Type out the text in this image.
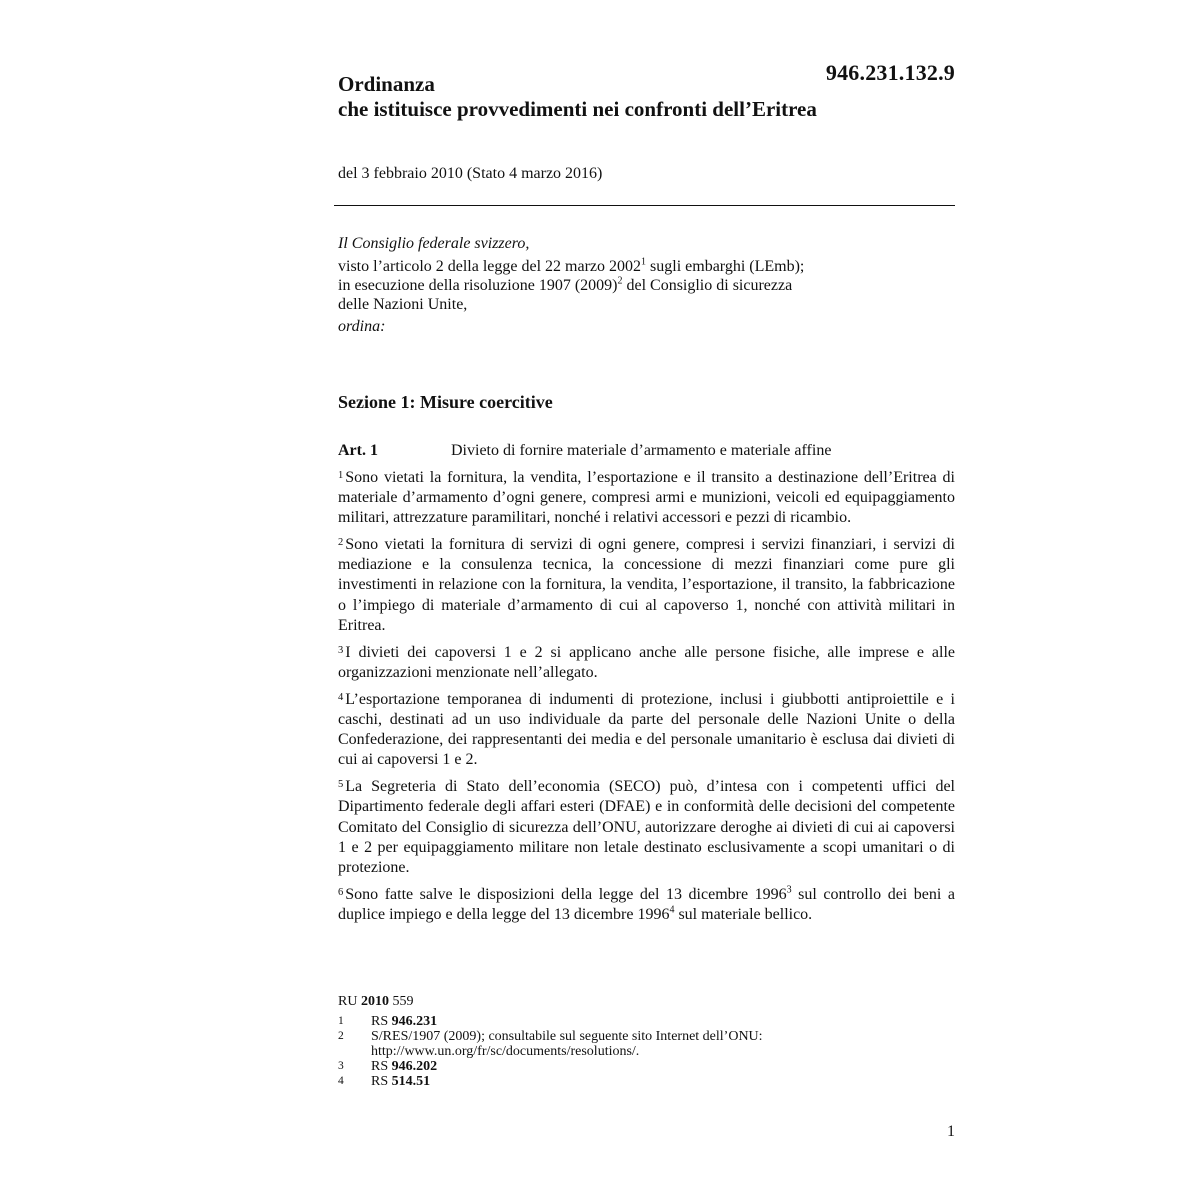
946.231.132.9
Ordinanza
che istituisce provvedimenti nei confronti dell’Eritrea
del 3 febbraio 2010 (Stato 4 marzo 2016)

Il Consiglio federale svizzero,

visto l’articolo 2 della legge del 22 marzo 2002$^1$ sugli embarghi (LEmb);

in esecuzione della risoluzione 1907 $(2009)^2$ del Consiglio di sicurezza

delle Nazioni Unite,

ordina:

Sezione 1: Misure coercitive
Art. 1	Divieto di fornire materiale d’armamento e materiale affine

$^1$ Sono vietati la fornitura, la vendita, l’esportazione e il transito a destinazione dell’Eritrea di materiale d’armamento d’ogni genere, compresi armi e munizioni, veicoli ed equipaggiamento militari, attrezzature paramilitari, nonché i relativi accessori e pezzi di ricambio.

$^2$ Sono vietati la fornitura di servizi di ogni genere, compresi i servizi finanziari, i servizi di mediazione e la consulenza tecnica, la concessione di mezzi finanziari come pure gli investimenti in relazione con la fornitura, la vendita, l’esportazione, il transito, la fabbricazione o l’impiego di materiale d’armamento di cui al capoverso 1, nonché con attività militari in Eritrea.

$^3$ I divieti dei capoversi 1 e 2 si applicano anche alle persone fisiche, alle imprese e alle organizzazioni menzionate nell’allegato.

$^4$ L’esportazione temporanea di indumenti di protezione, inclusi i giubbotti antiproiettile e i caschi, destinati ad un uso individuale da parte del personale delle Nazioni Unite o della Confederazione, dei rappresentanti dei media e del personale umanitario è esclusa dai divieti di cui ai capoversi 1 e 2.

$^5$ La Segreteria di Stato dell’economia (SECO) può, d’intesa con i competenti uffici del Dipartimento federale degli affari esteri (DFAE) e in conformità delle decisioni del competente Comitato del Consiglio di sicurezza dell’ONU, autorizzare deroghe ai divieti di cui ai capoversi 1 e 2 per equipaggiamento militare non letale destinato esclusivamente a scopi umanitari o di protezione.

$^6$ Sono fatte salve le disposizioni della legge del 13 dicembre 1996$^3$ sul controllo dei beni a duplice impiego e della legge del 13 dicembre 1996$^4$ sul materiale bellico.

RU 2010 559
1	RS 946.231
2	S/RES/1907 (2009); consultabile sul seguente sito Internet dell’ONU:
http://www.un.org/fr/sc/documents/resolutions/.
3	RS 946.202
4	RS 514.51
1
